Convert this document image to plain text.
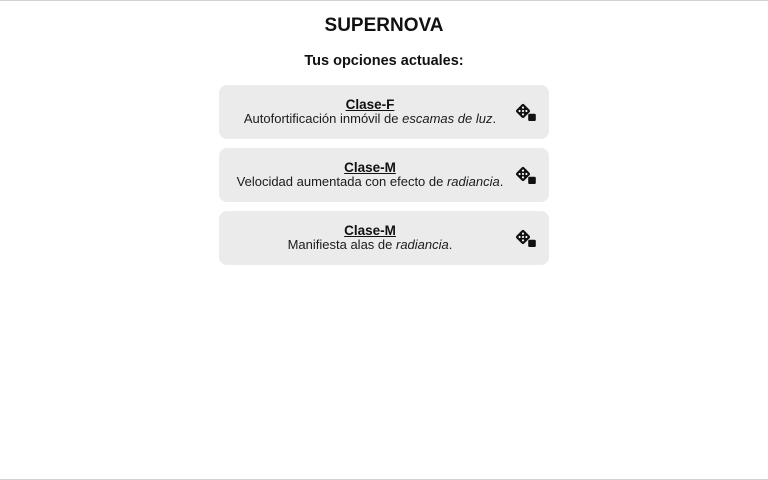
SUPERNOVA
Tus opciones actuales:
Clase-F
Autofortificación inmóvil de escamas de luz.
Clase-M
Velocidad aumentada con efecto de radiancia.
Clase-M
Manifiesta alas de radiancia.
